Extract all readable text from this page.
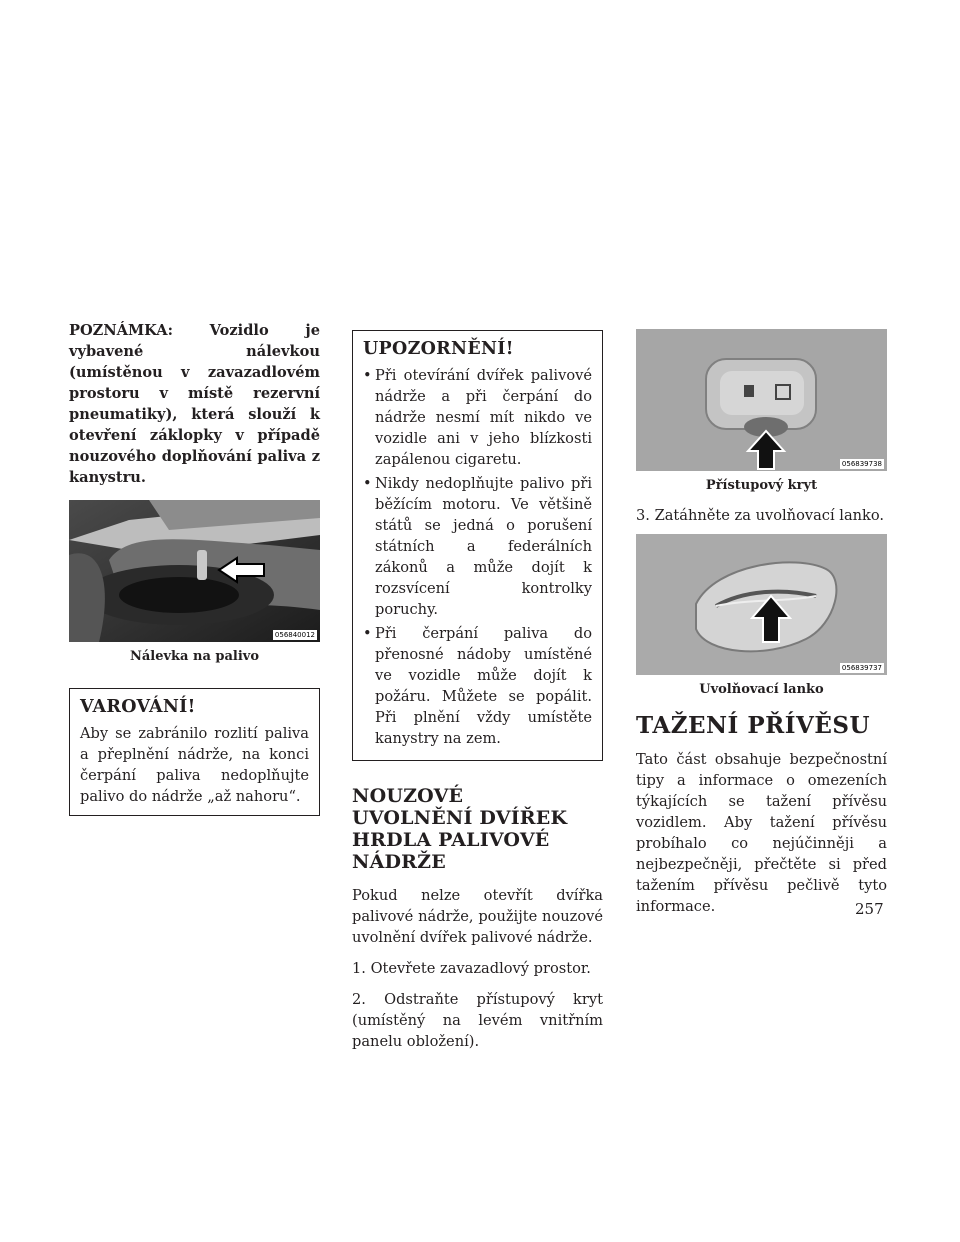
POZNÁMKA: Vozidlo je vybavené nálevkou (umístěnou v zavazadlovém prostoru v místě rezervní pneumatiky), která slouží k otevření záklopky v případě nouzového doplňování paliva z kanystru.

056840012

Nálevka na palivo

VAROVÁNÍ!

Aby se zabránilo rozlití paliva a přeplnění nádrže, na konci čerpání paliva nedoplňujte palivo do nádrže „až nahoru“.

UPOZORNĚNÍ!
• Při otevírání dvířek palivové nádrže a při čerpání do nádrže nesmí mít nikdo ve vozidle ani v jeho blízkosti zapálenou cigaretu.
• Nikdy nedoplňujte palivo při běžícím motoru. Ve většině států se jedná o porušení státních a federálních zákonů a může dojít k rozsvícení kontrolky poruchy.
• Při čerpání paliva do přenosné nádoby umístěné ve vozidle může dojít k požáru. Můžete se popálit. Při plnění vždy umístěte kanystry na zem.
NOUZOVÉ UVOLNĚNÍ DVÍŘEK HRDLA PALIVOVÉ NÁDRŽE

Pokud nelze otevřít dvířka palivové nádrže, použijte nouzové uvolnění dvířek palivové nádrže.

1. Otevřete zavazadlový prostor.

2. Odstraňte přístupový kryt (umístěný na levém vnitřním panelu obložení).

056839738

Přístupový kryt

3. Zatáhněte za uvolňovací lanko.

056839737

Uvolňovací lanko

TAŽENÍ PŘÍVĚSU

Tato část obsahuje bezpečnostní tipy a informace o omezeních týkajících se tažení přívěsu vozidlem. Aby tažení přívěsu probíhalo co nejúčinněji a nejbezpečněji, přečtěte si před tažením přívěsu pečlivě tyto informace.	257
